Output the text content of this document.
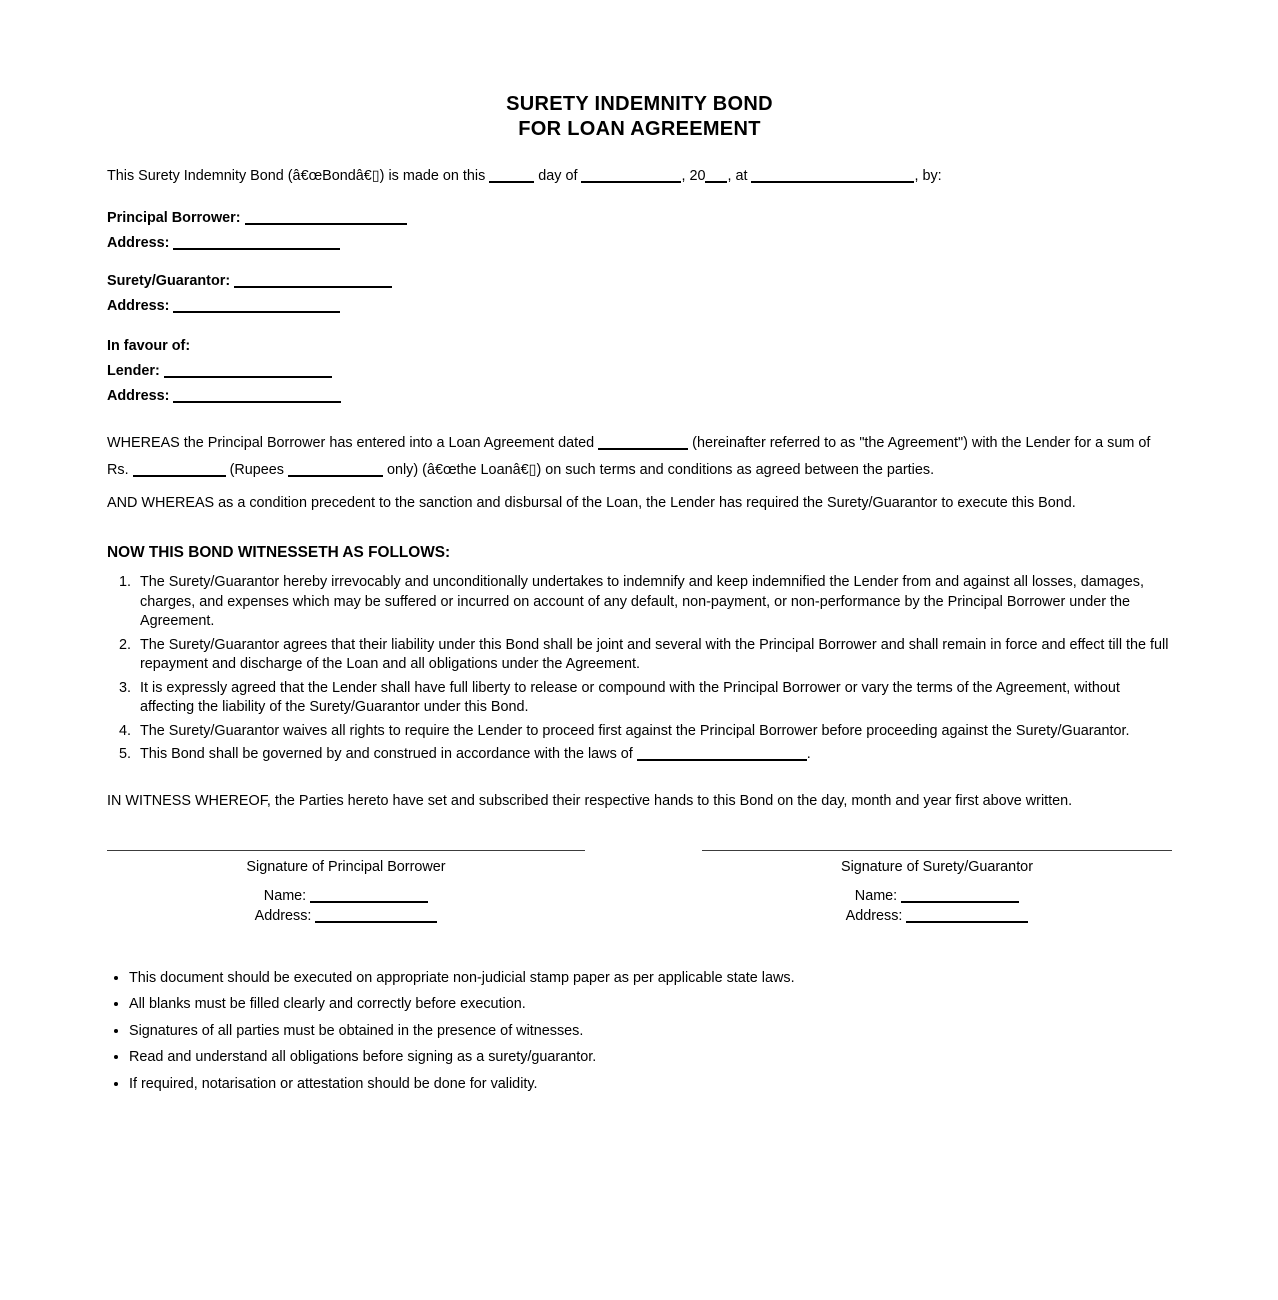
SURETY INDEMNITY BOND
FOR LOAN AGREEMENT

This Surety Indemnity Bond (â€œBondâ€▯) is made on this	day of	, 20 , at	, by:

Principal Borrower:

Address:

Surety/Guarantor:

Address:

In favour of:

Lender:

Address:

WHEREAS the Principal Borrower has entered into a Loan Agreement dated	(hereinafter referred to as "the Agreement") with the Lender for a sum of Rs.	(Rupees	only) (â€œthe Loanâ€▯) on such terms and conditions as agreed between the parties.

AND WHEREAS as a condition precedent to the sanction and disbursal of the Loan, the Lender has required the Surety/Guarantor to execute this Bond.

NOW THIS BOND WITNESSETH AS FOLLOWS:
1. The Surety/Guarantor hereby irrevocably and unconditionally undertakes to indemnify and keep indemnified the Lender from and against all losses, damages, charges, and expenses which may be suffered or incurred on account of any default, non-payment, or non-performance by the Principal Borrower under the Agreement.
2. The Surety/Guarantor agrees that their liability under this Bond shall be joint and several with the Principal Borrower and shall remain in force and effect till the full repayment and discharge of the Loan and all obligations under the Agreement.
3. It is expressly agreed that the Lender shall have full liberty to release or compound with the Principal Borrower or vary the terms of the Agreement, without affecting the liability of the Surety/Guarantor under this Bond.
4. The Surety/Guarantor waives all rights to require the Lender to proceed first against the Principal Borrower before proceeding against the Surety/Guarantor.
5. This Bond shall be governed by and construed in accordance with the laws of	.

IN WITNESS WHEREOF, the Parties hereto have set and subscribed their respective hands to this Bond on the day, month and year first above written.

Signature of Principal Borrower

Name:

Address:

Signature of Surety/Guarantor

Name:

Address:

• This document should be executed on appropriate non-judicial stamp paper as per applicable state laws.
• All blanks must be filled clearly and correctly before execution.
• Signatures of all parties must be obtained in the presence of witnesses.
• Read and understand all obligations before signing as a surety/guarantor.
• If required, notarisation or attestation should be done for validity.
